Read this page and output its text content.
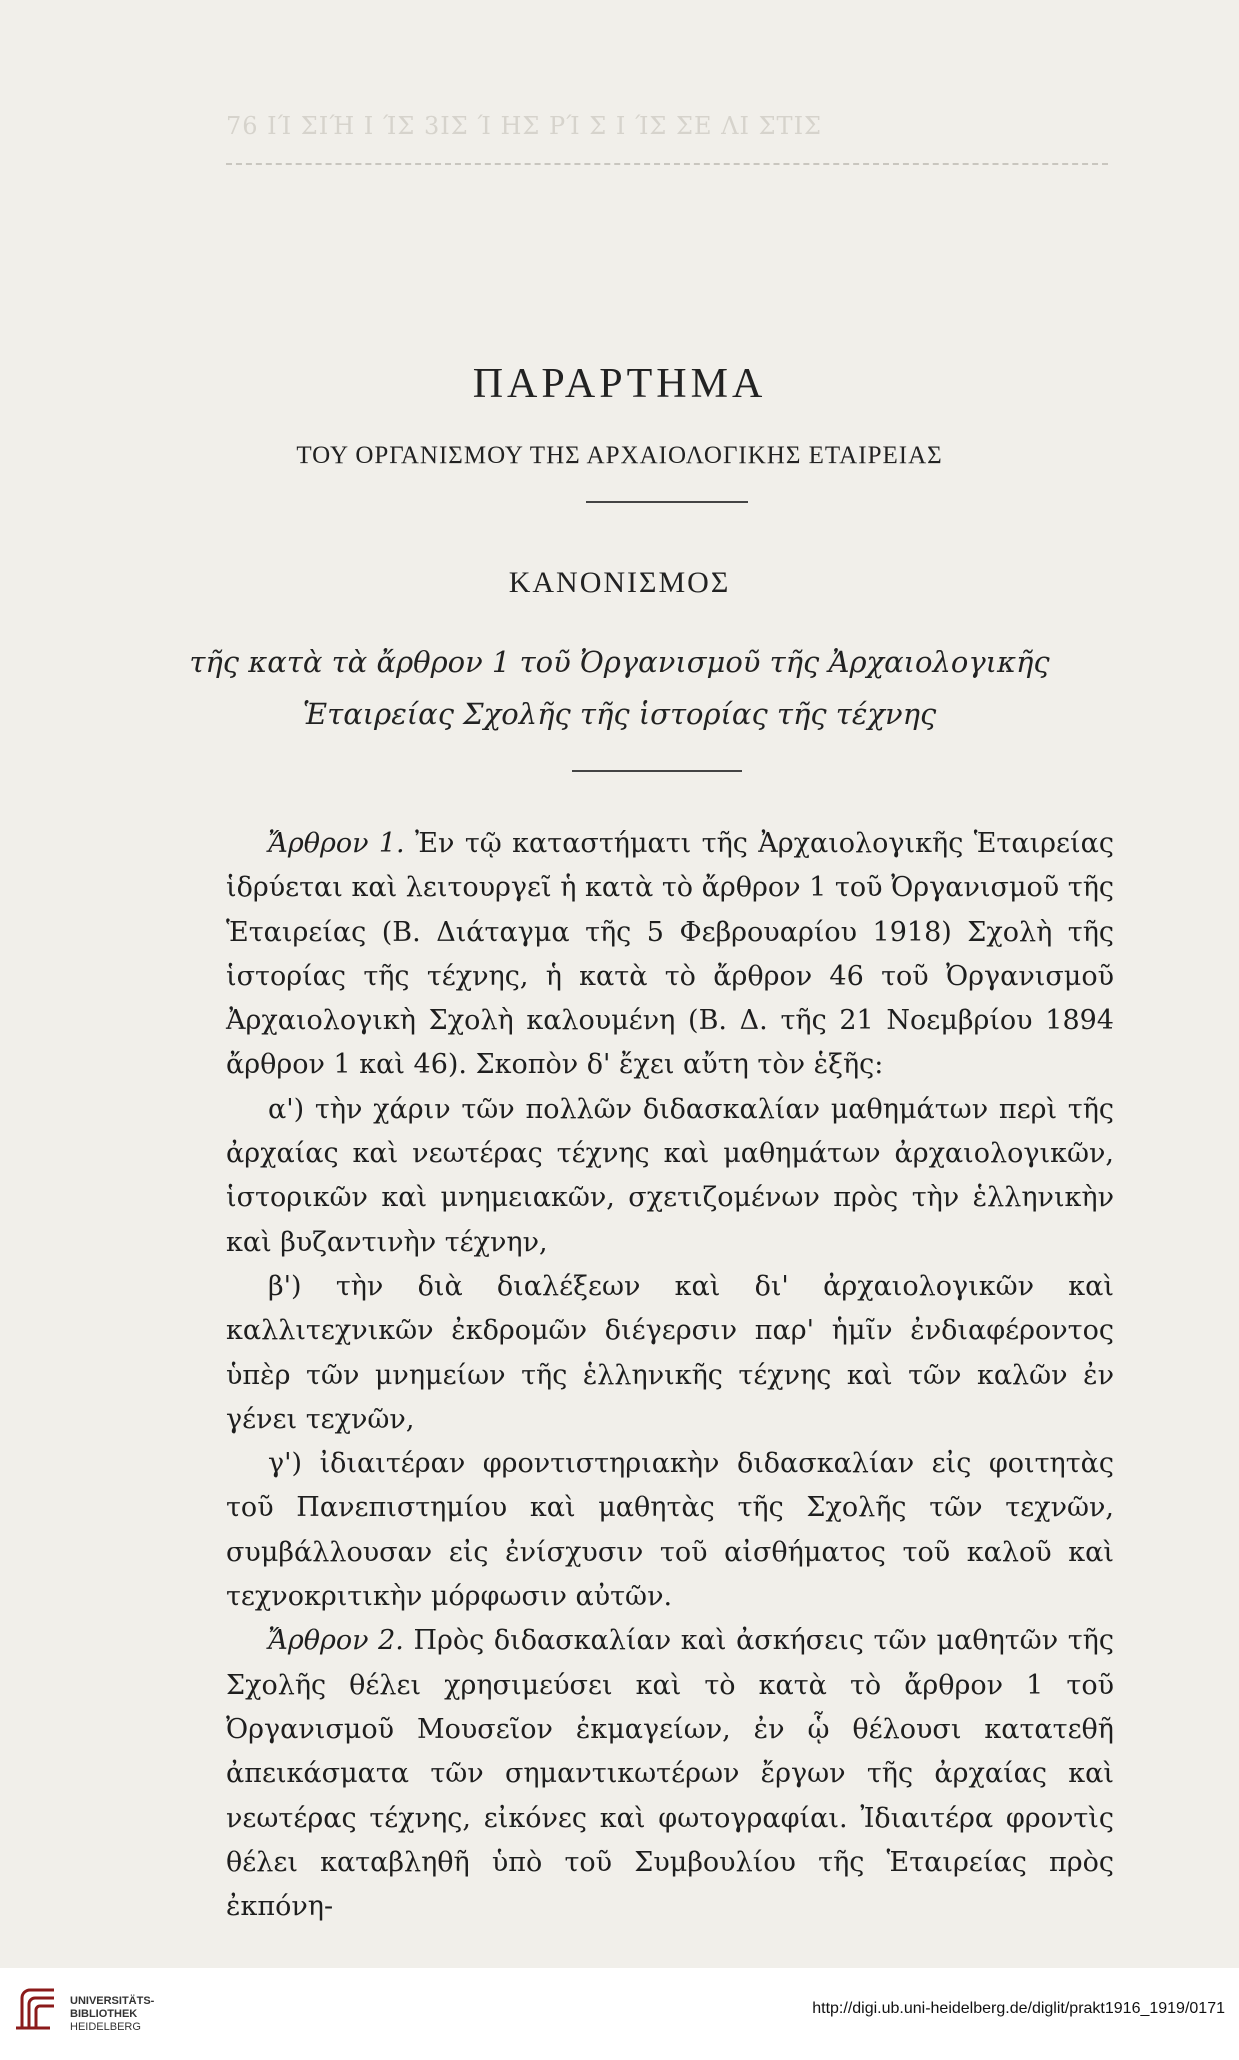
76 ΙΊ ΣΙΉ Ι ΊΣ 3ΙΣ Ί ΗΣ ΡΊ Σ Ι ΊΣ ΣΕ ΛΙ ΣΤΙΣ
ΠΑΡΑΡΤΗΜΑ
ΤΟΥ ΟΡΓΑΝΙΣΜΟΥ ΤΗΣ ΑΡΧΑΙΟΛΟΓΙΚΗΣ ΕΤΑΙΡΕΙΑΣ
ΚΑΝΟΝΙΣΜΟΣ
τῆς κατὰ τὰ ἄρθρον 1 τοῦ Ὀργανισμοῦ τῆς Ἀρχαιολογικῆς
Ἑταιρείας Σχολῆς τῆς ἱστορίας τῆς τέχνης

Ἄρθρον 1. Ἐν τῷ καταστήματι τῆς Ἀρχαιολογικῆς Ἑταιρείας ἱδρύεται καὶ λειτουργεῖ ἡ κατὰ τὸ ἄρθρον 1 τοῦ Ὀργανισμοῦ τῆς Ἑταιρείας (Β. Διάταγμα τῆς 5 Φεβρουαρίου 1918) Σχολὴ τῆς ἱστορίας τῆς τέχνης, ἡ κατὰ τὸ ἄρθρον 46 τοῦ Ὀργανισμοῦ Ἀρχαιολογικὴ Σχολὴ καλουμένη (Β. Δ. τῆς 21 Νοεμβρίου 1894 ἄρθρον 1 καὶ 46). Σκοπὸν δ' ἔχει αὔτη τὸν ἑξῆς:

α') τὴν χάριν τῶν πολλῶν διδασκαλίαν μαθημάτων περὶ τῆς ἀρχαίας καὶ νεωτέρας τέχνης καὶ μαθημάτων ἀρχαιολογικῶν, ἱστορικῶν καὶ μνημειακῶν, σχετιζομένων πρὸς τὴν ἑλληνικὴν καὶ βυζαντινὴν τέχνην,

β') τὴν διὰ διαλέξεων καὶ δι' ἀρχαιολογικῶν καὶ καλλιτεχνικῶν ἐκδρομῶν διέγερσιν παρ' ἡμῖν ἐνδιαφέροντος ὑπὲρ τῶν μνημείων τῆς ἑλληνικῆς τέχνης καὶ τῶν καλῶν ἐν γένει τεχνῶν,

γ') ἰδιαιτέραν φροντιστηριακὴν διδασκαλίαν εἰς φοιτητὰς τοῦ Πανεπιστημίου καὶ μαθητὰς τῆς Σχολῆς τῶν τεχνῶν, συμβάλλουσαν εἰς ἐνίσχυσιν τοῦ αἰσθήματος τοῦ καλοῦ καὶ τεχνοκριτικὴν μόρφωσιν αὐτῶν.

Ἄρθρον 2. Πρὸς διδασκαλίαν καὶ ἀσκήσεις τῶν μαθητῶν τῆς Σχολῆς θέλει χρησιμεύσει καὶ τὸ κατὰ τὸ ἄρθρον 1 τοῦ Ὀργανισμοῦ Μουσεῖον ἐκμαγείων, ἐν ᾧ θέλουσι κατατεθῆ ἀπεικάσματα τῶν σημαντικωτέρων ἔργων τῆς ἀρχαίας καὶ νεωτέρας τέχνης, εἰκόνες καὶ φωτογραφίαι. Ἰδιαιτέρα φροντὶς θέλει καταβληθῆ ὑπὸ τοῦ Συμβουλίου τῆς Ἑταιρείας πρὸς ἐκπόνη-

UNIVERSITÄTS-
BIBLIOTHEK
HEIDELBERG
http://digi.ub.uni-heidelberg.de/diglit/prakt1916_1919/0171
